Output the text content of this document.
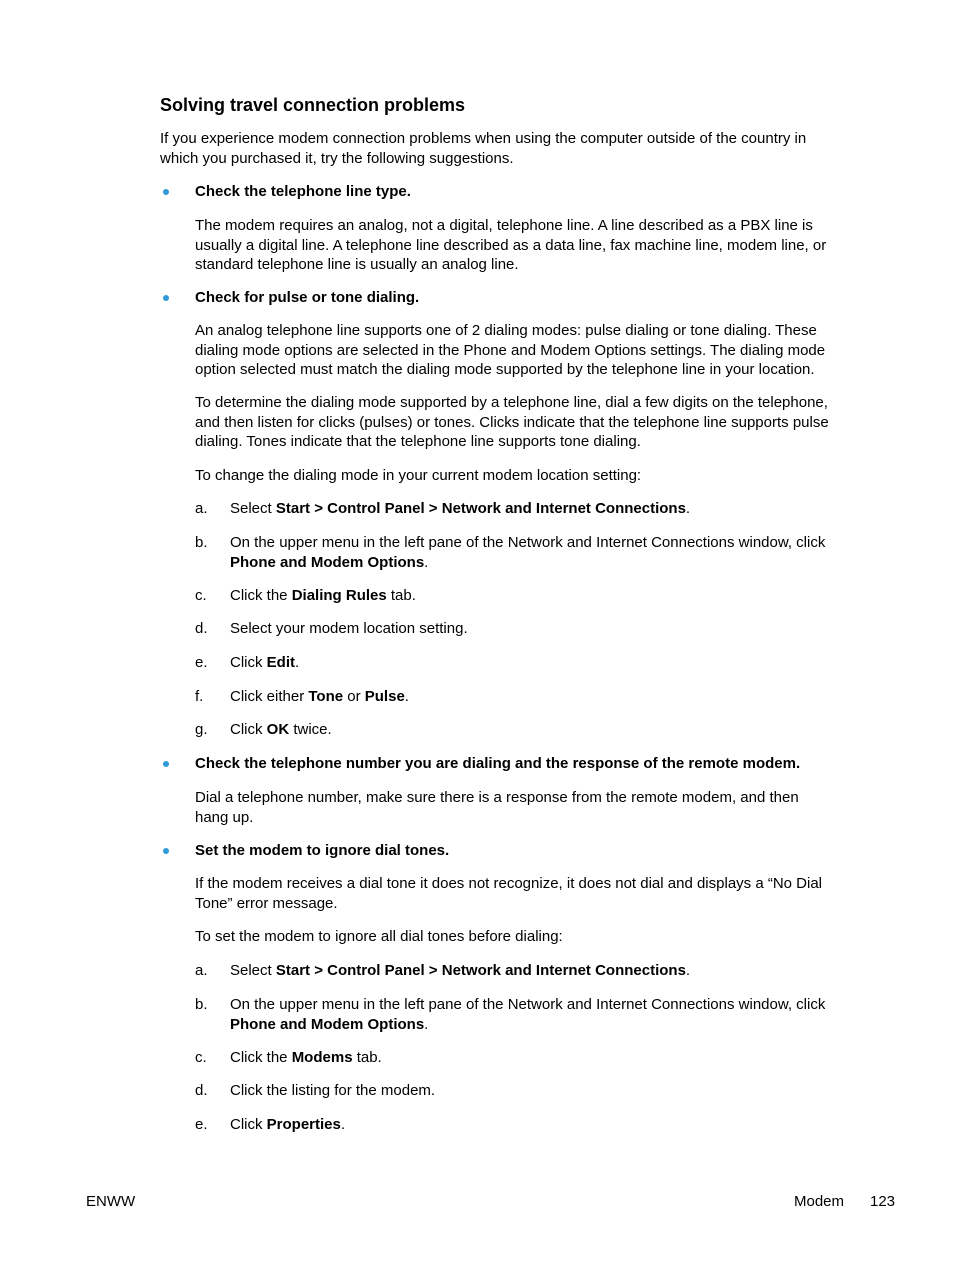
Solving travel connection problems
If you experience modem connection problems when using the computer outside of the country in
which you purchased it, try the following suggestions.
Check the telephone line type.
The modem requires an analog, not a digital, telephone line. A line described as a PBX line is
usually a digital line. A telephone line described as a data line, fax machine line, modem line, or
standard telephone line is usually an analog line.
Check for pulse or tone dialing.
An analog telephone line supports one of 2 dialing modes: pulse dialing or tone dialing. These
dialing mode options are selected in the Phone and Modem Options settings. The dialing mode
option selected must match the dialing mode supported by the telephone line in your location.
To determine the dialing mode supported by a telephone line, dial a few digits on the telephone,
and then listen for clicks (pulses) or tones. Clicks indicate that the telephone line supports pulse
dialing. Tones indicate that the telephone line supports tone dialing.
To change the dialing mode in your current modem location setting:
a. Select Start > Control Panel > Network and Internet Connections.
b. On the upper menu in the left pane of the Network and Internet Connections window, click
Phone and Modem Options.
c. Click the Dialing Rules tab.
d. Select your modem location setting.
e. Click Edit.
f. Click either Tone or Pulse.
g. Click OK twice.
Check the telephone number you are dialing and the response of the remote modem.
Dial a telephone number, make sure there is a response from the remote modem, and then
hang up.
Set the modem to ignore dial tones.
If the modem receives a dial tone it does not recognize, it does not dial and displays a “No Dial
Tone” error message.
To set the modem to ignore all dial tones before dialing:
a. Select Start > Control Panel > Network and Internet Connections.
b. On the upper menu in the left pane of the Network and Internet Connections window, click
Phone and Modem Options.
c. Click the Modems tab.
d. Click the listing for the modem.
e. Click Properties.
ENWW	Modem 123
